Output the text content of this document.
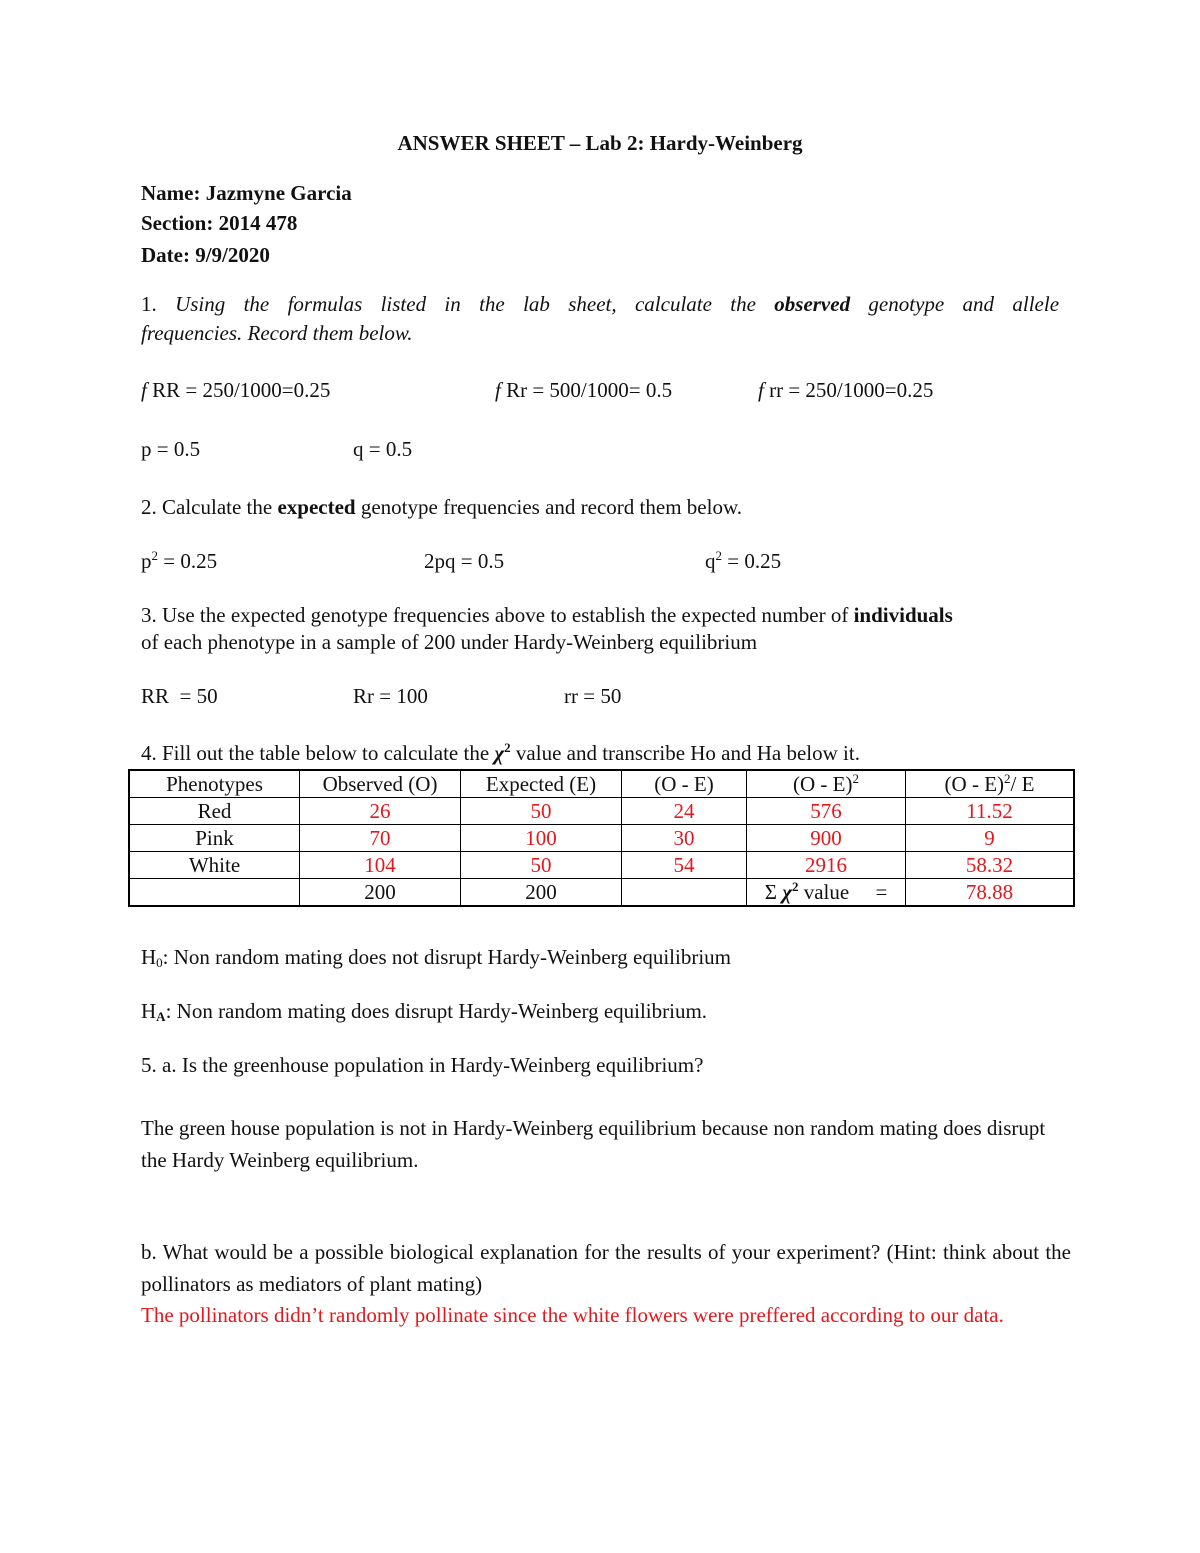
ANSWER SHEET – Lab 2: Hardy-Weinberg
Name: Jazmyne Garcia
Section: 2014 478
Date: 9/9/2020
1. Using the formulas listed in the lab sheet, calculate the observed genotype and allele
frequencies. Record them below.
f RR = 250/1000=0.25	f Rr = 500/1000= 0.5	f rr = 250/1000=0.25
p = 0.5	q = 0.5
2. Calculate the expected genotype frequencies and record them below.
$p^2 = 0.25$	2pq = 0.5	$q^2 = 0.25$
3. Use the expected genotype frequencies above to establish the expected number of individuals
of each phenotype in a sample of 200 under Hardy-Weinberg equilibrium
RR  = 50	Rr = 100	rr = 50
4. Fill out the table below to calculate the $\chi^2$ value and transcribe Ho and Ha below it.
Phenotypes	Observed (O)	Expected (E)	(O - E)	(O - E)$^2$	(O - E)$^2$/ E
Red	26	50	24	576	11.52
Pink	70	100	30	900	9
White	104	50	54	2916	58.32
	200	200		Σ $\chi^2$ value =	78.88
$H_0$: Non random mating does not disrupt Hardy-Weinberg equilibrium
$H_A$: Non random mating does disrupt Hardy-Weinberg equilibrium.
5. a. Is the greenhouse population in Hardy-Weinberg equilibrium?
The green house population is not in Hardy-Weinberg equilibrium because non random mating does disrupt the Hardy Weinberg equilibrium.
b. What would be a possible biological explanation for the results of your experiment? (Hint: think about the pollinators as mediators of plant mating)
The pollinators didn’t randomly pollinate since the white flowers were preffered according to our data.
